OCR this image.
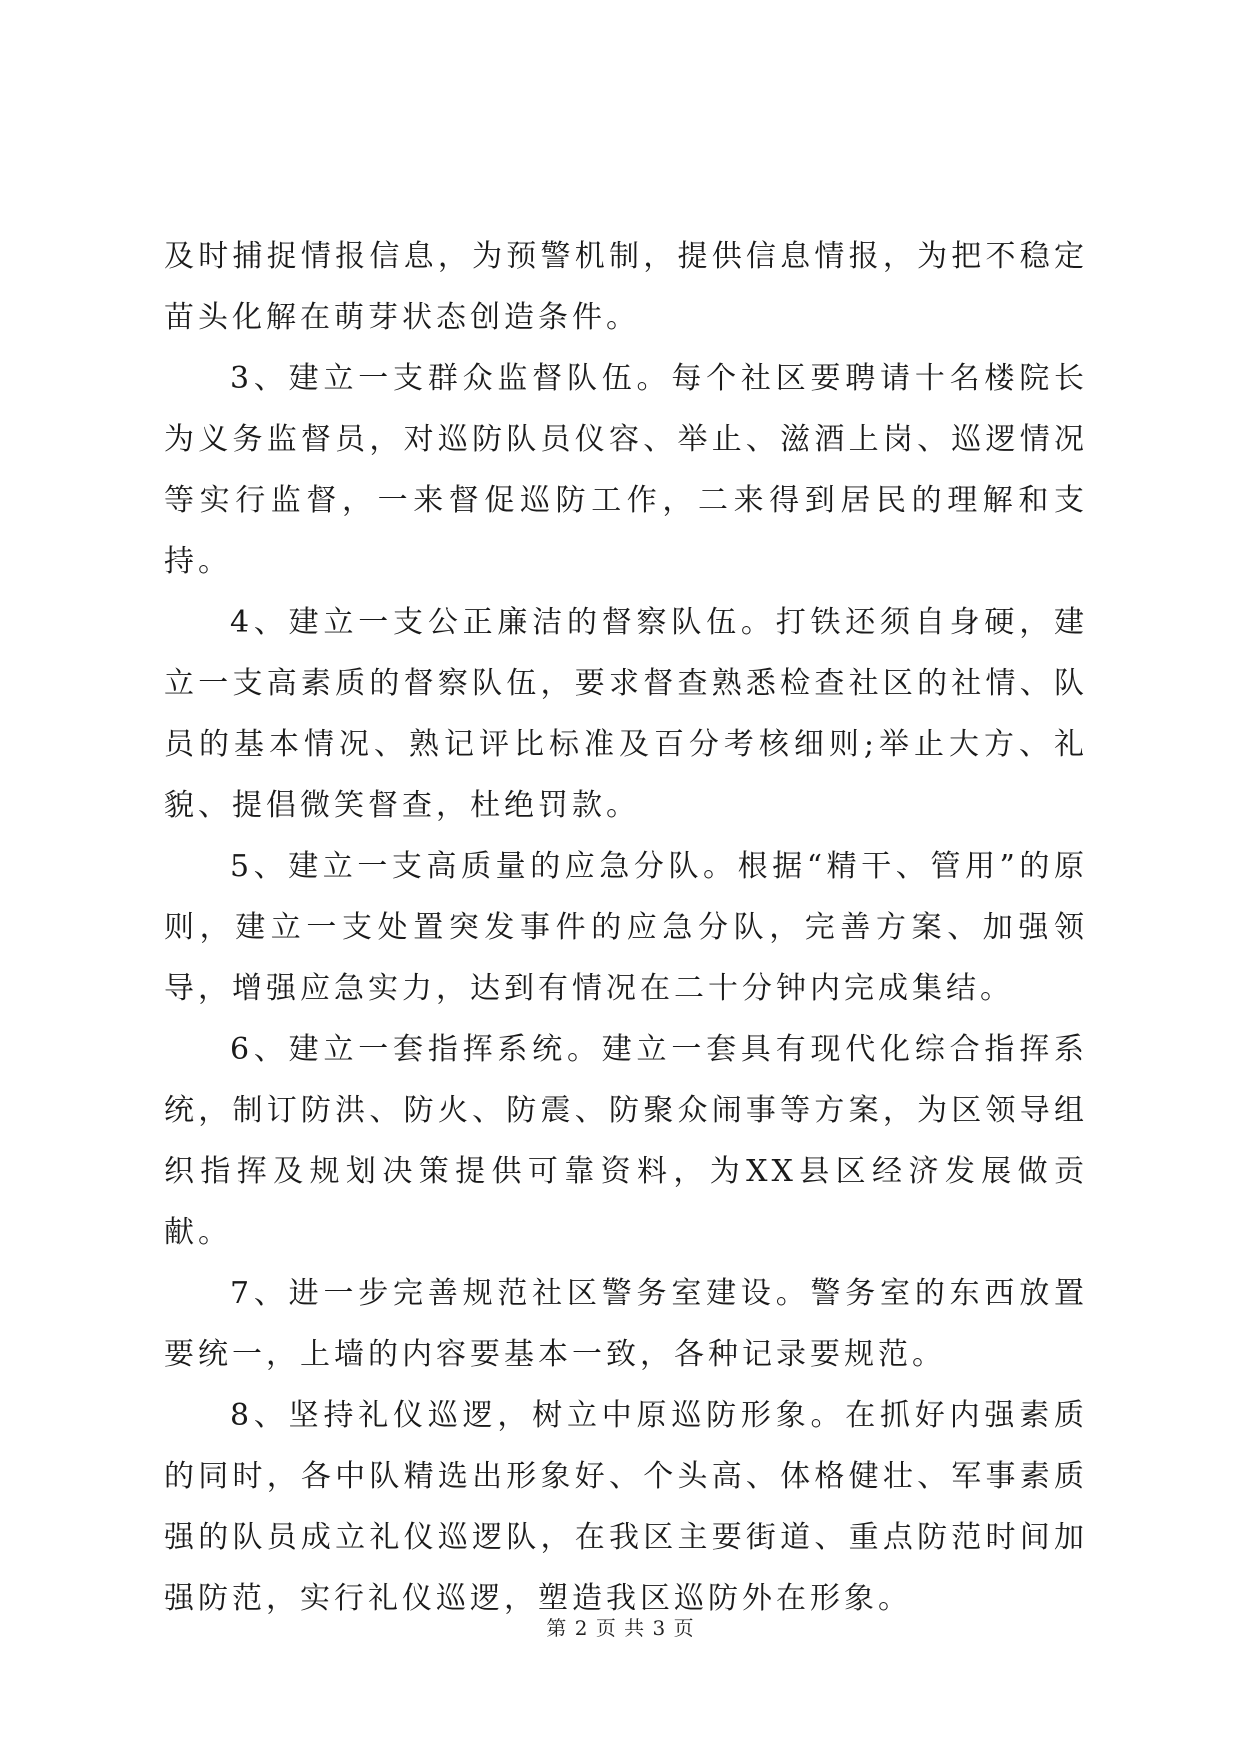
及时捕捉情报信息，为预警机制，提供信息情报，为把不稳定苗头化解在萌芽状态创造条件。

3、建立一支群众监督队伍。每个社区要聘请十名楼院长为义务监督员，对巡防队员仪容、举止、滋酒上岗、巡逻情况等实行监督，一来督促巡防工作，二来得到居民的理解和支持。

4、建立一支公正廉洁的督察队伍。打铁还须自身硬，建立一支高素质的督察队伍，要求督查熟悉检查社区的社情、队员的基本情况、熟记评比标准及百分考核细则;举止大方、礼貌、提倡微笑督查，杜绝罚款。

5、建立一支高质量的应急分队。根据“精干、管用”的原则，建立一支处置突发事件的应急分队，完善方案、加强领导，增强应急实力，达到有情况在二十分钟内完成集结。

6、建立一套指挥系统。建立一套具有现代化综合指挥系统，制订防洪、防火、防震、防聚众闹事等方案，为区领导组织指挥及规划决策提供可靠资料，为XX县区经济发展做贡献。

7、进一步完善规范社区警务室建设。警务室的东西放置要统一，上墙的内容要基本一致，各种记录要规范。

8、坚持礼仪巡逻，树立中原巡防形象。在抓好内强素质的同时，各中队精选出形象好、个头高、体格健壮、军事素质强的队员成立礼仪巡逻队，在我区主要街道、重点防范时间加强防范，实行礼仪巡逻，塑造我区巡防外在形象。

第 2 页 共 3 页
